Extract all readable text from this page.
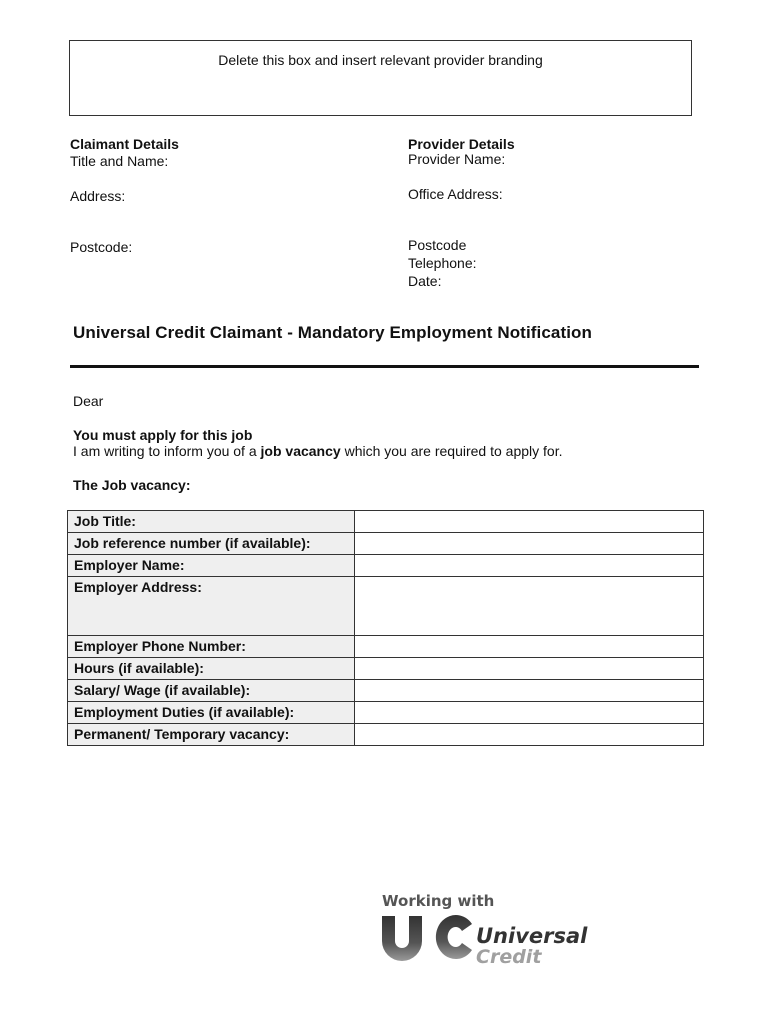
Delete this box and insert relevant provider branding
Claimant Details
Title and Name:
Address:
Postcode:
Provider Details
Provider Name:
Office Address:
Postcode
Telephone:
Date:
Universal Credit Claimant - Mandatory Employment Notification
Dear
You must apply for this job
I am writing to inform you of a job vacancy which you are required to apply for.
The Job vacancy:
Job Title:	
Job reference number (if available):	
Employer Name:	
Employer Address:	
Employer Phone Number:	
Hours (if available):	
Salary/ Wage (if available):	
Employment Duties (if available):	
Permanent/ Temporary vacancy:	
Working with
Universal
Credit
